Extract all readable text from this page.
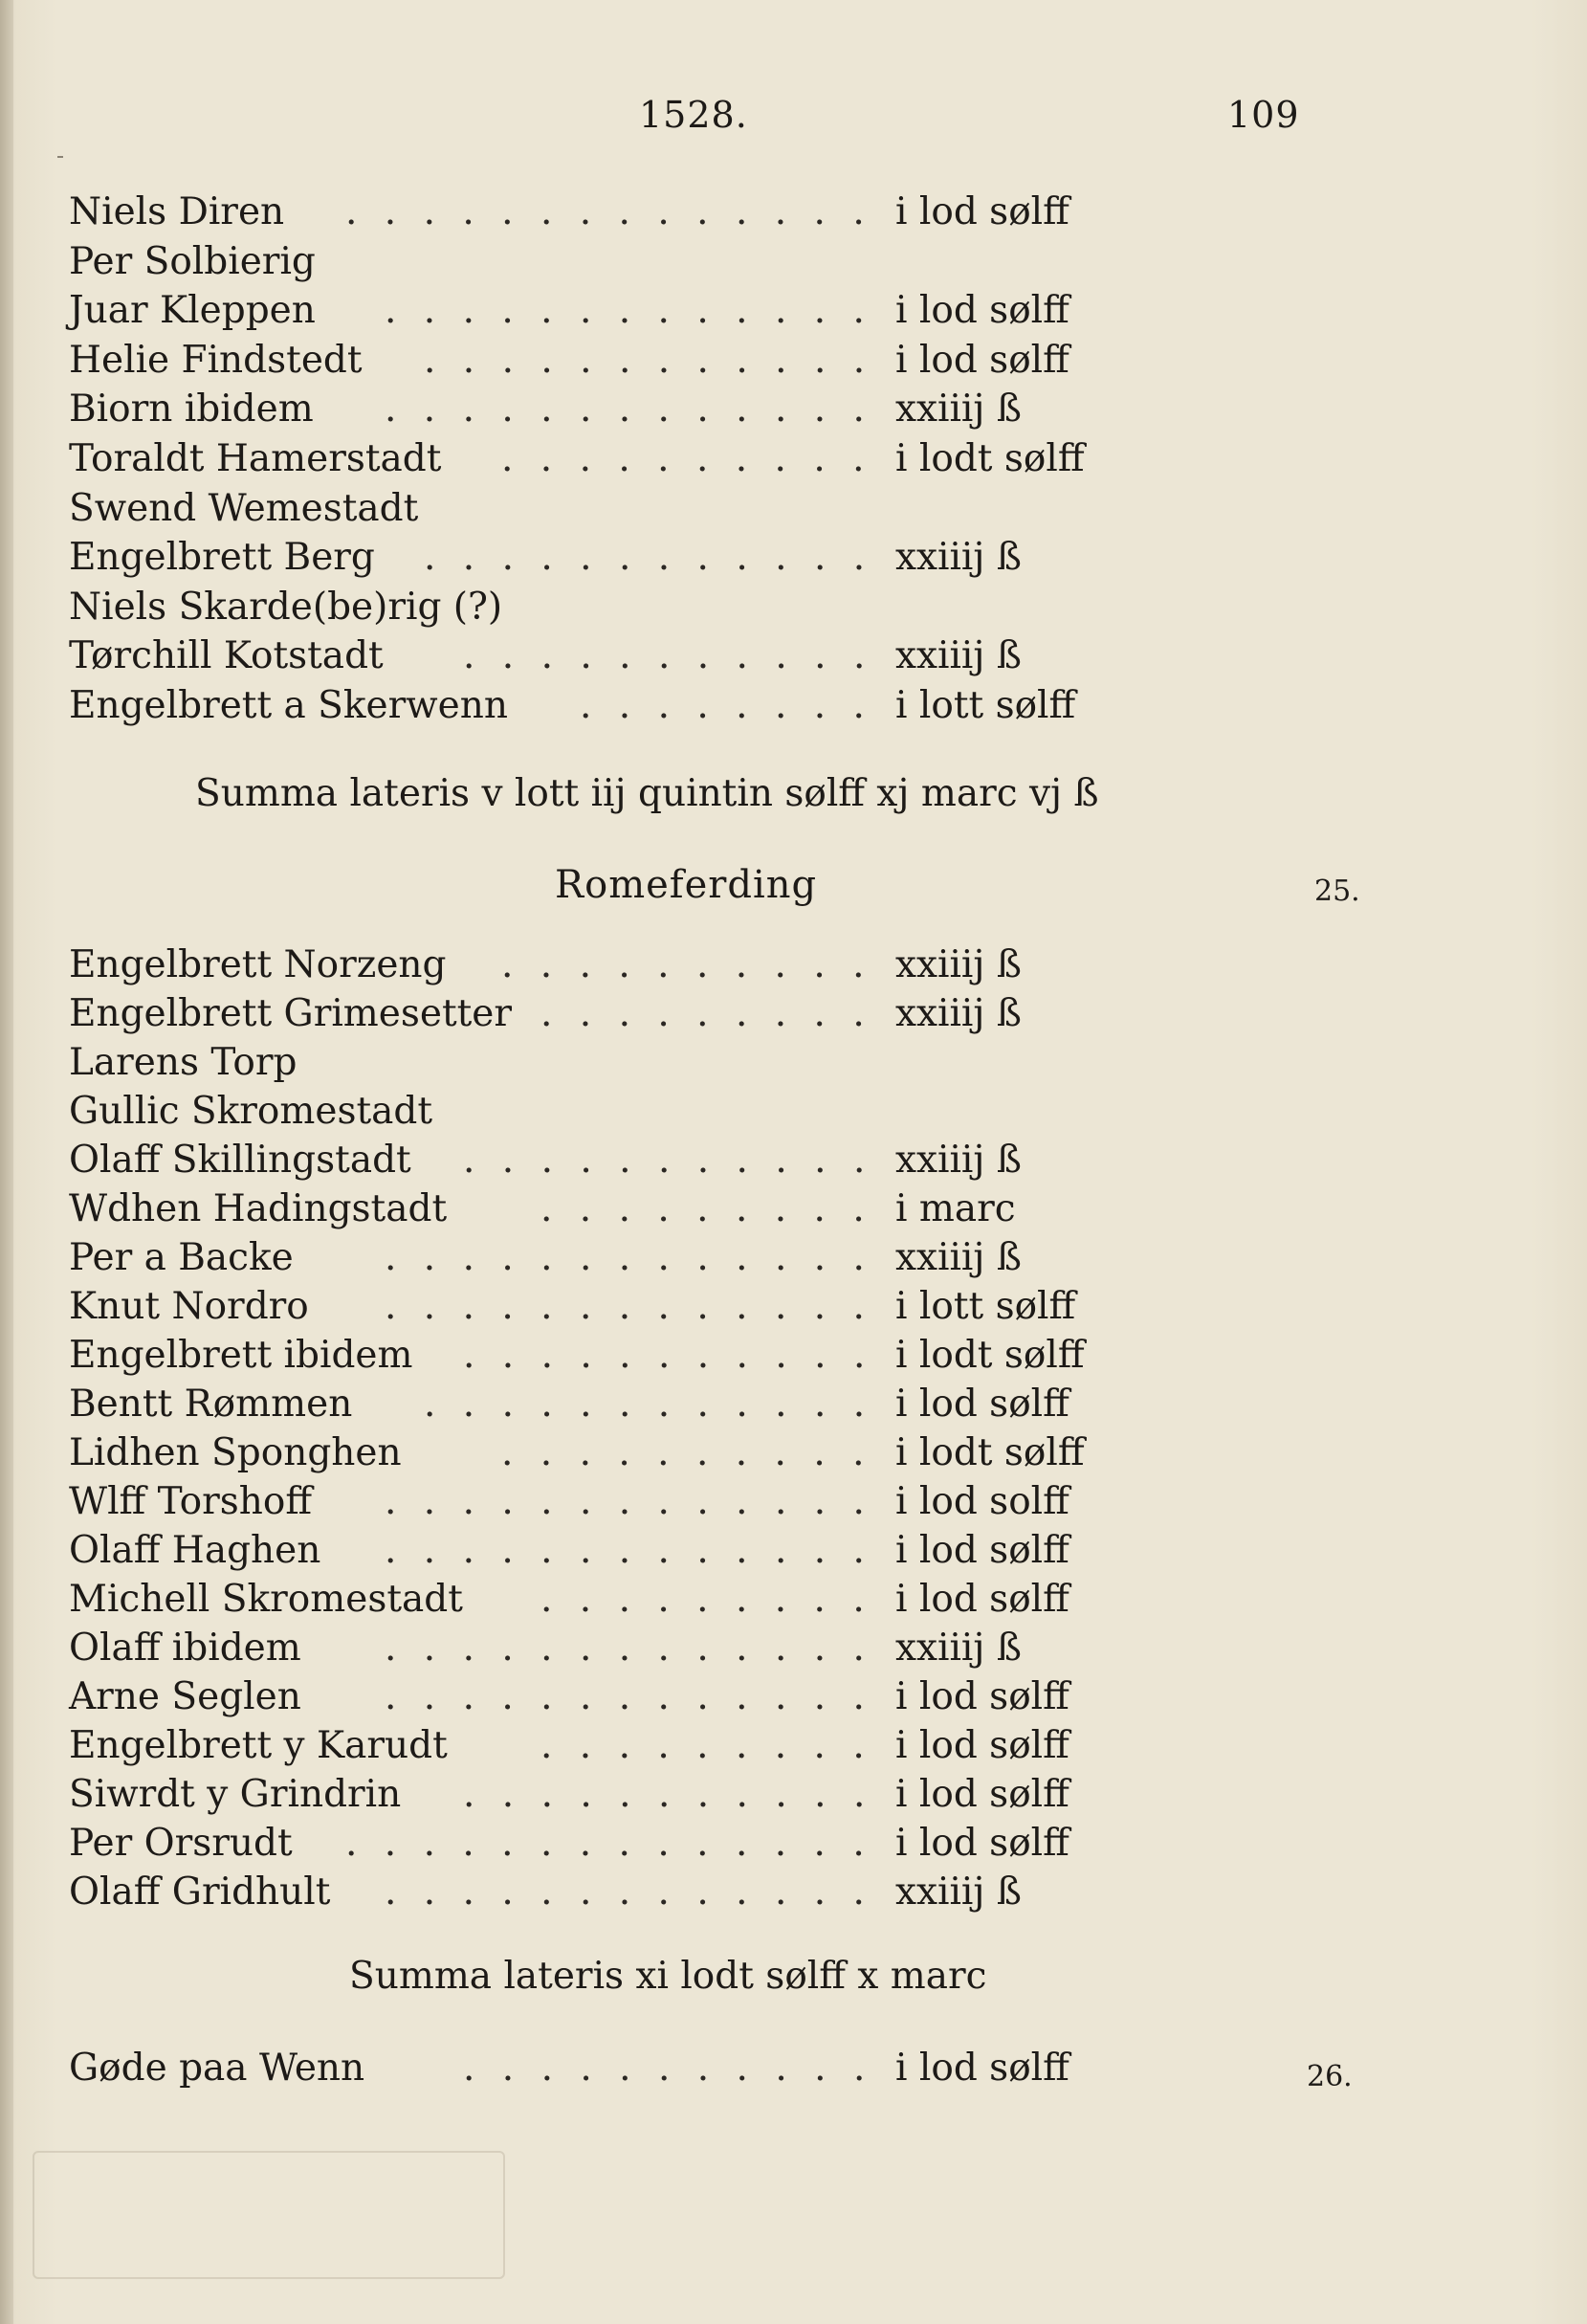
1528.	109
Niels Diren . . . . . . . . . . . . . . i lod sølff
Per Solbierig
Juar Kleppen . . . . . . . . . . . . . i lod sølff
Helie Findstedt . . . . . . . . . . . . i lod sølff
Biorn ibidem . . . . . . . . . . . . . xxiiij ß
Toraldt Hamerstadt . . . . . . . . . . i lodt sølff
Swend Wemestadt
Engelbrett Berg . . . . . . . . . . . . xxiiij ß
Niels Skarde(be)rig (?)
Tørchill Kotstadt . . . . . . . . . . . xxiiij ß
Engelbrett a Skerwenn . . . . . . . . i lott sølff
Summa lateris v lott iij quintin sølff xj marc vj ß
Romeferding	25.
Engelbrett Norzeng . . . . . . . . . . xxiiij ß
Engelbrett Grimesetter . . . . . . . . . xxiiij ß
Larens Torp
Gullic Skromestadt
Olaff Skillingstadt . . . . . . . . . . . xxiiij ß
Wdhen Hadingstadt	. . . . . . . . . i marc
Per a Backe . . . . . . . . . . . . . xxiiij ß
Knut Nordro . . . . . . . . . . . . . i lott sølff
Engelbrett ibidem . . . . . . . . . . . i lodt sølff
Bentt Rømmen . . . . . . . . . . . . i lod sølff
Lidhen Sponghen	. . . . . . . . . . i lodt sølff
Wlff Torshoff . . . . . . . . . . . . . i lod solff
Olaff Haghen . . . . . . . . . . . . . i lod sølff
Michell Skromestadt . . . . . . . . . i lod sølff
Olaff ibidem . . . . . . . . . . . . . xxiiij ß
Arne Seglen . . . . . . . . . . . . . i lod sølff
Engelbrett y Karudt . . . . . . . . . i lod sølff
Siwrdt y Grindrin . . . . . . . . . . . i lod sølff
Per Orsrudt . . . . . . . . . . . . . . i lod sølff
Olaff Gridhult . . . . . . . . . . . . . xxiiij ß
Summa lateris xi lodt sølff x marc
Gøde paa Wenn	. . . . . . . . . . . i lod sølff	26.
